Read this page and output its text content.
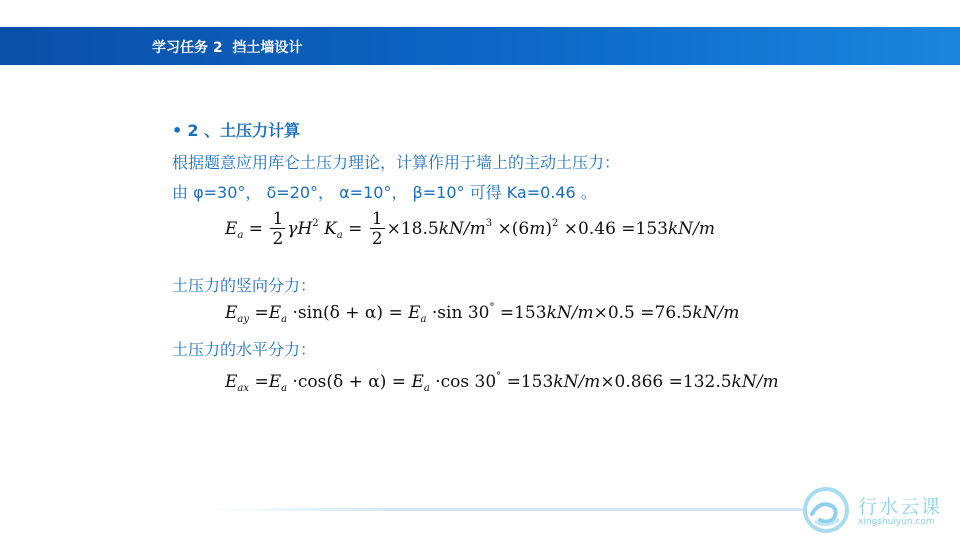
学习任务 2  挡土墙设计
• 2 、土压力计算
根据题意应用库仑土压力理论，计算作用于墙上的主动土压力：
由 φ=30°， δ=20°， α=10°， β=10° 可得 Ka=0.46 。
$E_a = \frac{1}{2} \gamma H^2$ $K_a = \frac{1}{2} \times 18.5kN/m^3 \times(6m)^2 \times 0.46 =153kN/m$
土压力的竖向分力：
$E_{ay} =E_a \cdot\sin(\delta + \alpha) = E_a \cdot\sin$ 30° =153kN/m×0.5 =76.5kN/m
土压力的水平分力：
$E_{ax} =E_a \cdot\cos(\delta + \alpha) = E_a \cdot\cos$ 30° =153kN/m×0.866 =132.5kN/m
行水云课
xingshuiyun.com
